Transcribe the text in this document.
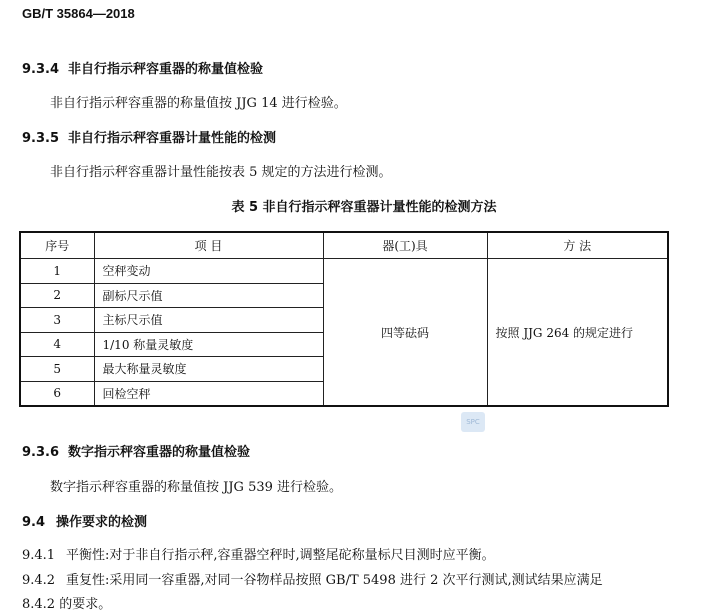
GB/T 35864—2018
9.3.4 非自行指示秤容重器的称量值检验
非自行指示秤容重器的称量值按 JJG 14 进行检验。
9.3.5 非自行指示秤容重器计量性能的检测
非自行指示秤容重器计量性能按表 5 规定的方法进行检测。
表 5 非自行指示秤容重器计量性能的检测方法
序号	项 目	器(工)具	方 法
1	空秤变动	四等砝码	按照 JJG 264 的规定进行
2	副标尺示值		
3	主标尺示值		
4	1/10 称量灵敏度		
5	最大称量灵敏度		
6	回检空秤		
SPC
9.3.6 数字指示秤容重器的称量值检验
数字指示秤容重器的称量值按 JJG 539 进行检验。
9.4 操作要求的检测
9.4.1 平衡性:对于非自行指示秤,容重器空秤时,调整尾砣称量标尺目测时应平衡。
9.4.2 重复性:采用同一容重器,对同一谷物样品按照 GB/T 5498 进行 2 次平行测试,测试结果应满足
8.4.2 的要求。
